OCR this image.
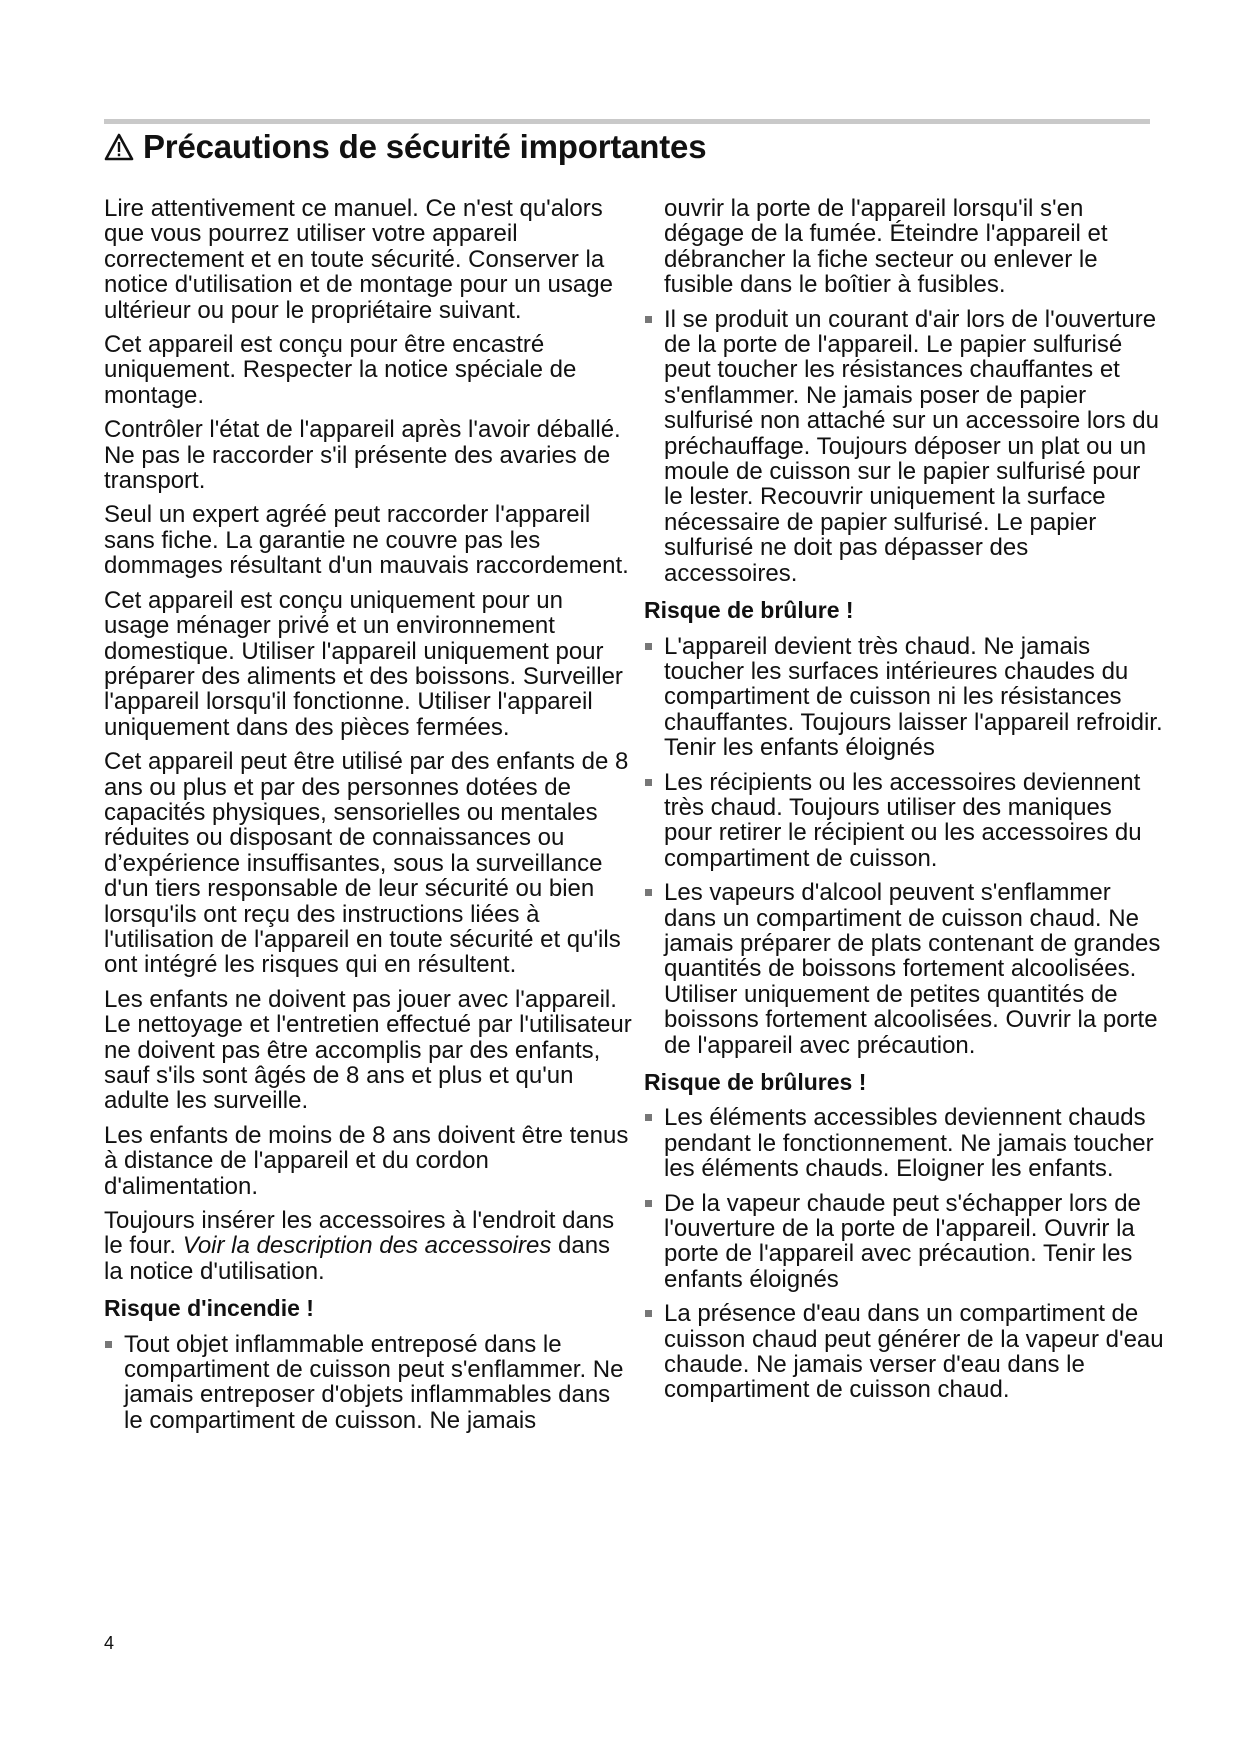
Précautions de sécurité importantes

Lire attentivement ce manuel. Ce n'est qu'alors que vous pourrez utiliser votre appareil correctement et en toute sécurité. Conserver la notice d'utilisation et de montage pour un usage ultérieur ou pour le propriétaire suivant.

Cet appareil est conçu pour être encastré uniquement. Respecter la notice spéciale de montage.

Contrôler l'état de l'appareil après l'avoir déballé. Ne pas le raccorder s'il présente des avaries de transport.

Seul un expert agréé peut raccorder l'appareil sans fiche. La garantie ne couvre pas les dommages résultant d'un mauvais raccordement.

Cet appareil est conçu uniquement pour un usage ménager privé et un environnement domestique. Utiliser l'appareil uniquement pour préparer des aliments et des boissons. Surveiller l'appareil lorsqu'il fonctionne. Utiliser l'appareil uniquement dans des pièces fermées.

Cet appareil peut être utilisé par des enfants de 8 ans ou plus et par des personnes dotées de capacités physiques, sensorielles ou mentales réduites ou disposant de connaissances ou d’expérience insuffisantes, sous la surveillance d'un tiers responsable de leur sécurité ou bien lorsqu'ils ont reçu des instructions liées à l'utilisation de l'appareil en toute sécurité et qu'ils ont intégré les risques qui en résultent.

Les enfants ne doivent pas jouer avec l'appareil. Le nettoyage et l'entretien effectué par l'utilisateur ne doivent pas être accomplis par des enfants, sauf s'ils sont âgés de 8 ans et plus et qu'un adulte les surveille.

Les enfants de moins de 8 ans doivent être tenus à distance de l'appareil et du cordon d'alimentation.

Toujours insérer les accessoires à l'endroit dans le four. Voir la description des accessoires dans la notice d'utilisation.

Risque d'incendie !
Tout objet inflammable entreposé dans le compartiment de cuisson peut s'enflammer. Ne jamais entreposer d'objets inflammables dans le compartiment de cuisson. Ne jamais

ouvrir la porte de l'appareil lorsqu'il s'en dégage de la fumée. Éteindre l'appareil et débrancher la fiche secteur ou enlever le fusible dans le boîtier à fusibles.

Il se produit un courant d'air lors de l'ouverture de la porte de l'appareil. Le papier sulfurisé peut toucher les résistances chauffantes et s'enflammer. Ne jamais poser de papier sulfurisé non attaché sur un accessoire lors du préchauffage. Toujours déposer un plat ou un moule de cuisson sur le papier sulfurisé pour le lester. Recouvrir uniquement la surface nécessaire de papier sulfurisé. Le papier sulfurisé ne doit pas dépasser des accessoires.
Risque de brûlure !
L'appareil devient très chaud. Ne jamais toucher les surfaces intérieures chaudes du compartiment de cuisson ni les résistances chauffantes. Toujours laisser l'appareil refroidir. Tenir les enfants éloignés
Les récipients ou les accessoires deviennent très chaud. Toujours utiliser des maniques pour retirer le récipient ou les accessoires du compartiment de cuisson.
Les vapeurs d'alcool peuvent s'enflammer dans un compartiment de cuisson chaud. Ne jamais préparer de plats contenant de grandes quantités de boissons fortement alcoolisées. Utiliser uniquement de petites quantités de boissons fortement alcoolisées. Ouvrir la porte de l'appareil avec précaution.
Risque de brûlures !
Les éléments accessibles deviennent chauds pendant le fonctionnement. Ne jamais toucher les éléments chauds. Eloigner les enfants.
De la vapeur chaude peut s'échapper lors de l'ouverture de la porte de l'appareil. Ouvrir la porte de l'appareil avec précaution. Tenir les enfants éloignés
La présence d'eau dans un compartiment de cuisson chaud peut générer de la vapeur d'eau chaude. Ne jamais verser d'eau dans le compartiment de cuisson chaud.
4
